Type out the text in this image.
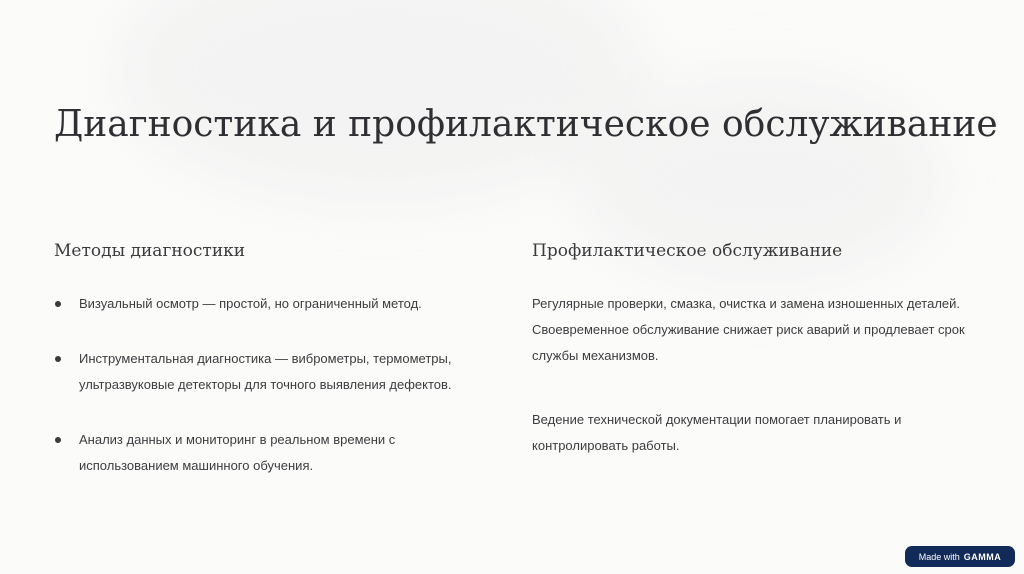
Диагностика и профилактическое обслуживание
Методы диагностики
Визуальный осмотр — простой, но ограниченный метод.
Инструментальная диагностика — виброметры, термометры, ультразвуковые детекторы для точного выявления дефектов.
Анализ данных и мониторинг в реальном времени с использованием машинного обучения.
Профилактическое обслуживание

Регулярные проверки, смазка, очистка и замена изношенных деталей. Своевременное обслуживание снижает риск аварий и продлевает срок службы механизмов.

Ведение технической документации помогает планировать и контролировать работы.

Made with GAMMA
